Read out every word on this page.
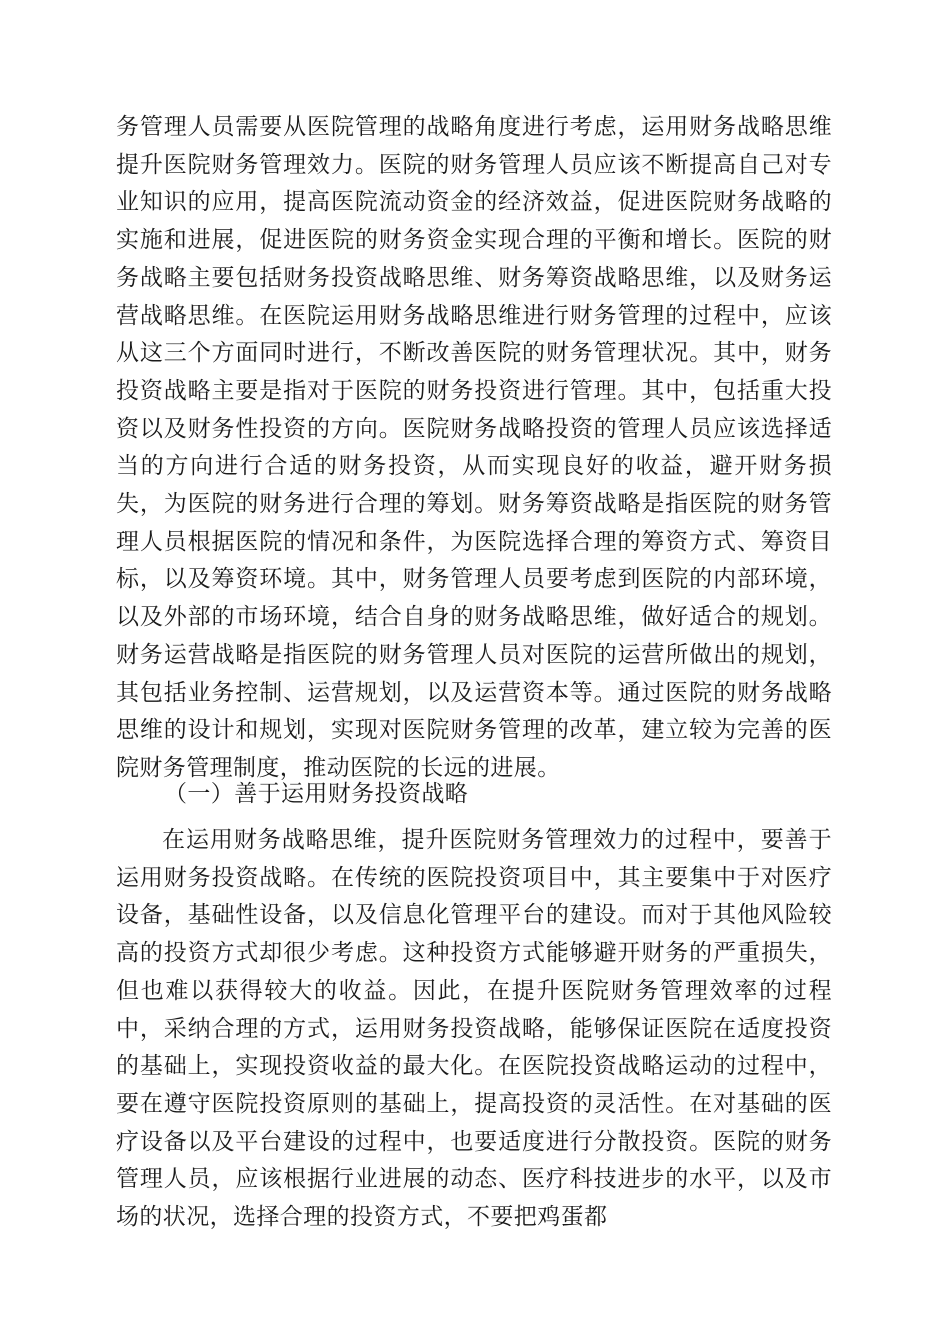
务管理人员需要从医院管理的战略角度进行考虑，运用财务战略思维提升医院财务管理效力。医院的财务管理人员应该不断提高自己对专业知识的应用，提高医院流动资金的经济效益，促进医院财务战略的实施和进展，促进医院的财务资金实现合理的平衡和增长。医院的财务战略主要包括财务投资战略思维、财务筹资战略思维，以及财务运营战略思维。在医院运用财务战略思维进行财务管理的过程中，应该从这三个方面同时进行，不断改善医院的财务管理状况。其中，财务投资战略主要是指对于医院的财务投资进行管理。其中，包括重大投资以及财务性投资的方向。医院财务战略投资的管理人员应该选择适当的方向进行合适的财务投资，从而实现良好的收益，避开财务损失，为医院的财务进行合理的筹划。财务筹资战略是指医院的财务管理人员根据医院的情况和条件，为医院选择合理的筹资方式、筹资目标，以及筹资环境。其中，财务管理人员要考虑到医院的内部环境，以及外部的市场环境，结合自身的财务战略思维，做好适合的规划。财务运营战略是指医院的财务管理人员对医院的运营所做出的规划，其包括业务控制、运营规划，以及运营资本等。通过医院的财务战略思维的设计和规划，实现对医院财务管理的改革，建立较为完善的医院财务管理制度，推动医院的长远的进展。

（一）善于运用财务投资战略

在运用财务战略思维，提升医院财务管理效力的过程中，要善于运用财务投资战略。在传统的医院投资项目中，其主要集中于对医疗设备，基础性设备，以及信息化管理平台的建设。而对于其他风险较高的投资方式却很少考虑。这种投资方式能够避开财务的严重损失，但也难以获得较大的收益。因此，在提升医院财务管理效率的过程中，采纳合理的方式，运用财务投资战略，能够保证医院在适度投资的基础上，实现投资收益的最大化。在医院投资战略运动的过程中，要在遵守医院投资原则的基础上，提高投资的灵活性。在对基础的医疗设备以及平台建设的过程中，也要适度进行分散投资。医院的财务管理人员，应该根据行业进展的动态、医疗科技进步的水平，以及市场的状况，选择合理的投资方式，不要把鸡蛋都
